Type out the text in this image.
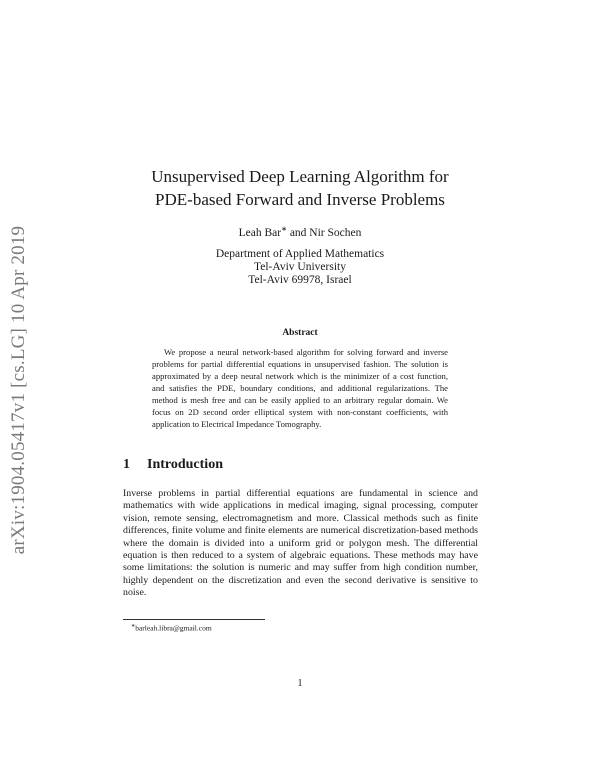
arXiv:1904.05417v1 [cs.LG] 10 Apr 2019
Unsupervised Deep Learning Algorithm for
PDE-based Forward and Inverse Problems
Leah Bar∗ and Nir Sochen
Department of Applied Mathematics
Tel-Aviv University
Tel-Aviv 69978, Israel
Abstract
We propose a neural network-based algorithm for solving forward and inverse problems for partial differential equations in unsupervised fashion. The solution is approximated by a deep neural network which is the minimizer of a cost function, and satisfies the PDE, boundary conditions, and additional regularizations. The method is mesh free and can be easily applied to an arbitrary regular domain. We focus on 2D second order elliptical system with non-constant coefficients, with application to Electrical Impedance Tomography.
1 Introduction
Inverse problems in partial differential equations are fundamental in science and mathematics with wide applications in medical imaging, signal processing, computer vision, remote sensing, electromagnetism and more. Classical methods such as finite differences, finite volume and finite elements are numerical discretization-based methods where the domain is divided into a uniform grid or polygon mesh. The differential equation is then reduced to a system of algebraic equations. These methods may have some limitations: the solution is numeric and may suffer from high condition number, highly dependent on the discretization and even the second derivative is sensitive to noise.
∗barleah.libra@gmail.com
1
